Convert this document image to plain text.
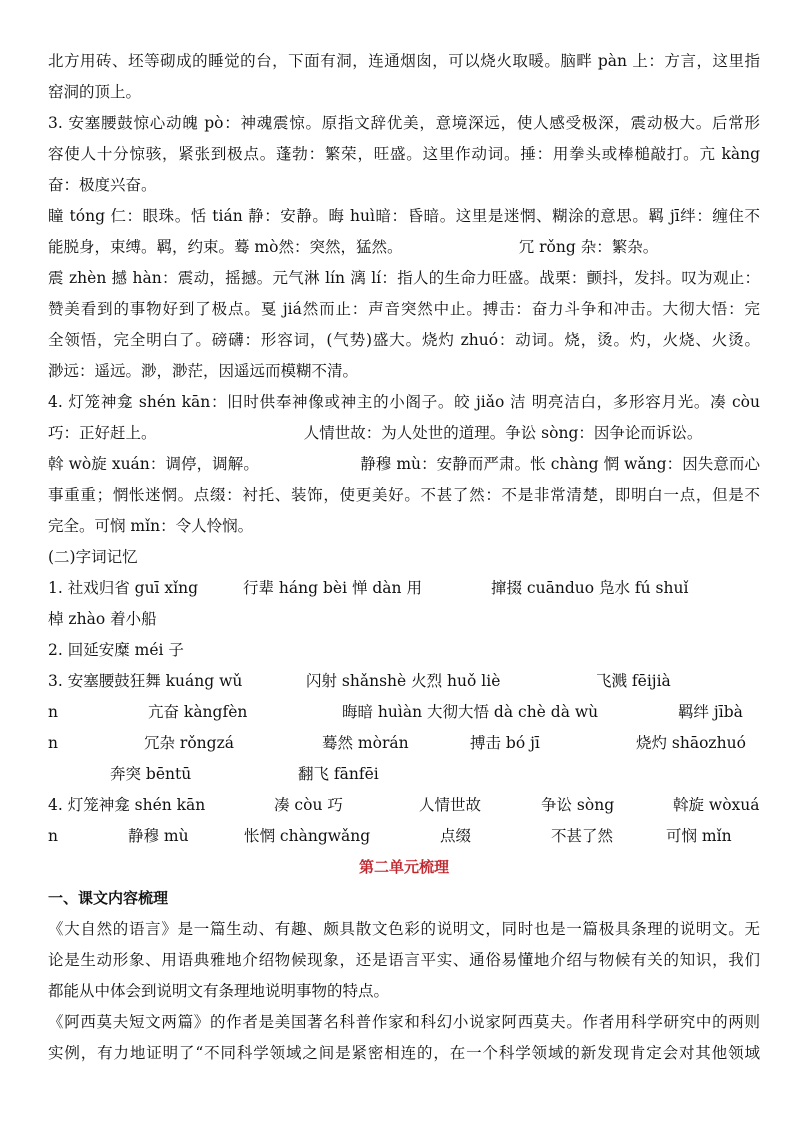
北方用砖、坯等砌成的睡觉的台，下面有洞，连通烟囱，可以烧火取暖。脑畔 pàn 上：方言，这里指
窑洞的顶上。
3. 安塞腰鼓惊心动魄 pò：神魂震惊。原指文辞优美，意境深远，使人感受极深，震动极大。后常形
容使人十分惊骇，紧张到极点。蓬勃：繁荣，旺盛。这里作动词。捶：用拳头或棒槌敲打。亢 kàng
奋：极度兴奋。
瞳 tóng 仁：眼珠。恬 tián 静：安静。晦 huì暗：昏暗。这里是迷惘、糊涂的意思。羁 jī绊：缠住不
能脱身，束缚。羁，约束。蓦 mò然：突然，猛然。　　　　　　　　冗 rǒng 杂：繁杂。
震 zhèn 撼 hàn：震动，摇撼。元气淋 lín 漓 lí：指人的生命力旺盛。战栗：颤抖，发抖。叹为观止：
赞美看到的事物好到了极点。戛 jiá然而止：声音突然中止。搏击：奋力斗争和冲击。大彻大悟：完
全领悟，完全明白了。磅礴：形容词，(气势)盛大。烧灼 zhuó：动词。烧，烫。灼，火烧、火烫。
渺远：遥远。渺，渺茫，因遥远而模糊不清。
4. 灯笼神龛 shén kān：旧时供奉神像或神主的小阁子。皎 jiǎo 洁 明亮洁白，多形容月光。凑 còu
巧：正好赶上。　　　　　　　　　　人情世故：为人处世的道理。争讼 sòng：因争论而诉讼。
斡 wò旋 xuán：调停，调解。　　　　　　　静穆 mù：安静而严肃。怅 chàng 惘 wǎng：因失意而心
事重重；惘怅迷惘。点缀：衬托、装饰，使更美好。不甚了然：不是非常清楚，即明白一点，但是不
完全。可悯 mǐn：令人怜悯。
(二)字词记忆
1. 社戏归省 guī xǐng	行辈 háng bèi 惮 dàn 用	撺掇 cuānduo 凫水 fú shuǐ
棹 zhào 着小船
2. 回延安糜 méi 子
3. 安塞腰鼓狂舞 kuáng wǔ	闪射 shǎnshè 火烈 huǒ liè	飞溅 fēijià
n	亢奋 kàngfèn	晦暗 huìàn 大彻大悟 dà chè dà wù	羁绊 jībà
n	冗杂 rǒngzá	蓦然 mòrán	搏击 bó jī	烧灼 shāozhuó
　　　　奔突 bēntū	翻飞 fānfēi
4. 灯笼神龛 shén kān	凑 còu 巧	人情世故	争讼 sòng	斡旋 wòxuá
n	静穆 mù	怅惘 chàngwǎng	点缀	不甚了然	可悯 mǐn
第二单元梳理
一、课文内容梳理
《大自然的语言》是一篇生动、有趣、颇具散文色彩的说明文，同时也是一篇极具条理的说明文。无
论是生动形象、用语典雅地介绍物候现象，还是语言平实、通俗易懂地介绍与物候有关的知识，我们
都能从中体会到说明文有条理地说明事物的特点。
《阿西莫夫短文两篇》的作者是美国著名科普作家和科幻小说家阿西莫夫。作者用科学研究中的两则
实例，有力地证明了“不同科学领域之间是紧密相连的，在一个科学领域的新发现肯定会对其他领域
